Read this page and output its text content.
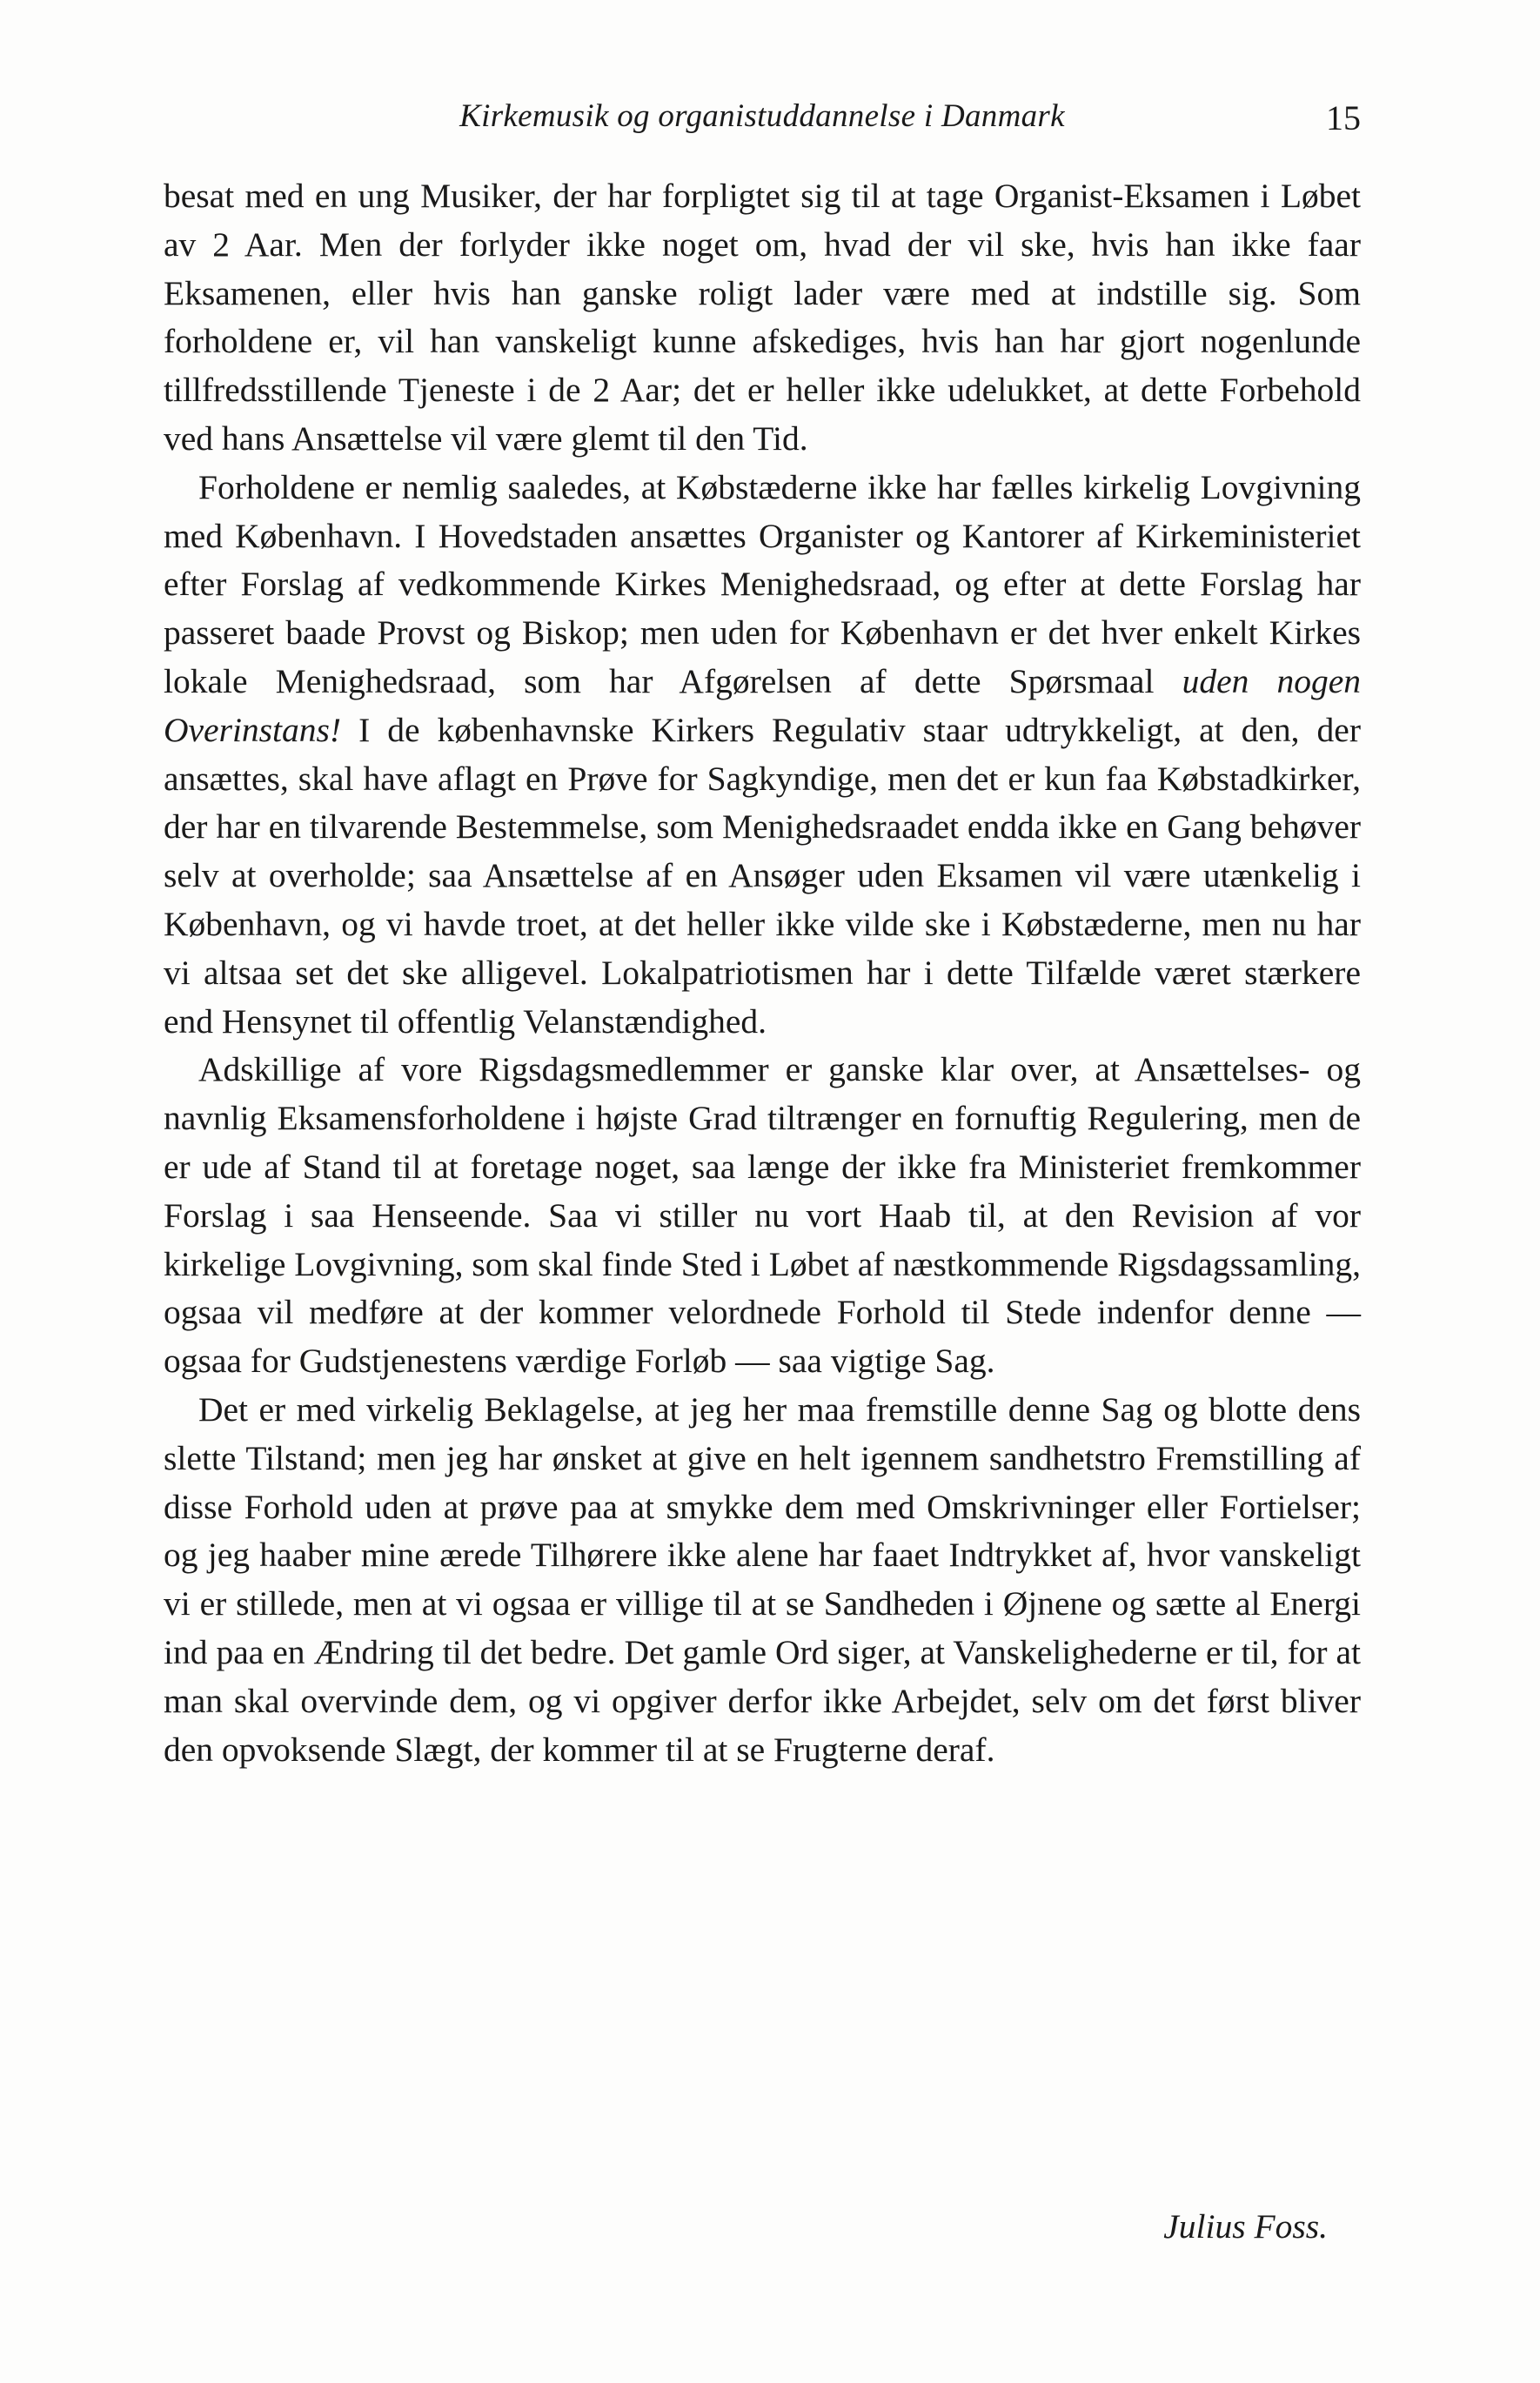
Kirkemusik og organistuddannelse i Danmark	15

besat med en ung Musiker, der har forpligtet sig til at tage Organist-Eksamen i Løbet av 2 Aar. Men der forlyder ikke noget om, hvad der vil ske, hvis han ikke faar Eksamenen, eller hvis han ganske roligt lader være med at indstille sig. Som forholdene er, vil han vanskeligt kunne afskediges, hvis han har gjort nogenlunde tillfredsstillende Tjeneste i de 2 Aar; det er heller ikke udelukket, at dette Forbehold ved hans Ansættelse vil være glemt til den Tid.

Forholdene er nemlig saaledes, at Købstæderne ikke har fælles kirkelig Lovgivning med København. I Hovedstaden ansættes Organister og Kantorer af Kirkeministeriet efter Forslag af vedkommende Kirkes Menighedsraad, og efter at dette Forslag har passeret baade Provst og Biskop; men uden for København er det hver enkelt Kirkes lokale Menighedsraad, som har Afgørelsen af dette Spørsmaal uden nogen Overinstans! I de københavnske Kirkers Regulativ staar udtrykkeligt, at den, der ansættes, skal have aflagt en Prøve for Sagkyndige, men det er kun faa Købstadkirker, der har en tilvarende Bestemmelse, som Menighedsraadet endda ikke en Gang behøver selv at overholde; saa Ansættelse af en Ansøger uden Eksamen vil være utænkelig i København, og vi havde troet, at det heller ikke vilde ske i Købstæderne, men nu har vi altsaa set det ske alligevel. Lokalpatriotismen har i dette Tilfælde været stærkere end Hensynet til offentlig Velanstændighed.

Adskillige af vore Rigsdagsmedlemmer er ganske klar over, at Ansættelses- og navnlig Eksamensforholdene i højste Grad tiltrænger en fornuftig Regulering, men de er ude af Stand til at foretage noget, saa længe der ikke fra Ministeriet fremkommer Forslag i saa Henseende. Saa vi stiller nu vort Haab til, at den Revision af vor kirkelige Lovgivning, som skal finde Sted i Løbet af næstkommende Rigsdagssamling, ogsaa vil medføre at der kommer velordnede Forhold til Stede indenfor denne — ogsaa for Gudstjenestens værdige Forløb — saa vigtige Sag.

Det er med virkelig Beklagelse, at jeg her maa fremstille denne Sag og blotte dens slette Tilstand; men jeg har ønsket at give en helt igennem sandhetstro Fremstilling af disse Forhold uden at prøve paa at smykke dem med Omskrivninger eller Fortielser; og jeg haaber mine ærede Tilhørere ikke alene har faaet Indtrykket af, hvor vanskeligt vi er stillede, men at vi ogsaa er villige til at se Sandheden i Øjnene og sætte al Energi ind paa en Ændring til det bedre. Det gamle Ord siger, at Vanskelighederne er til, for at man skal overvinde dem, og vi opgiver derfor ikke Arbejdet, selv om det først bliver den opvoksende Slægt, der kommer til at se Frugterne deraf.

Julius Foss.
